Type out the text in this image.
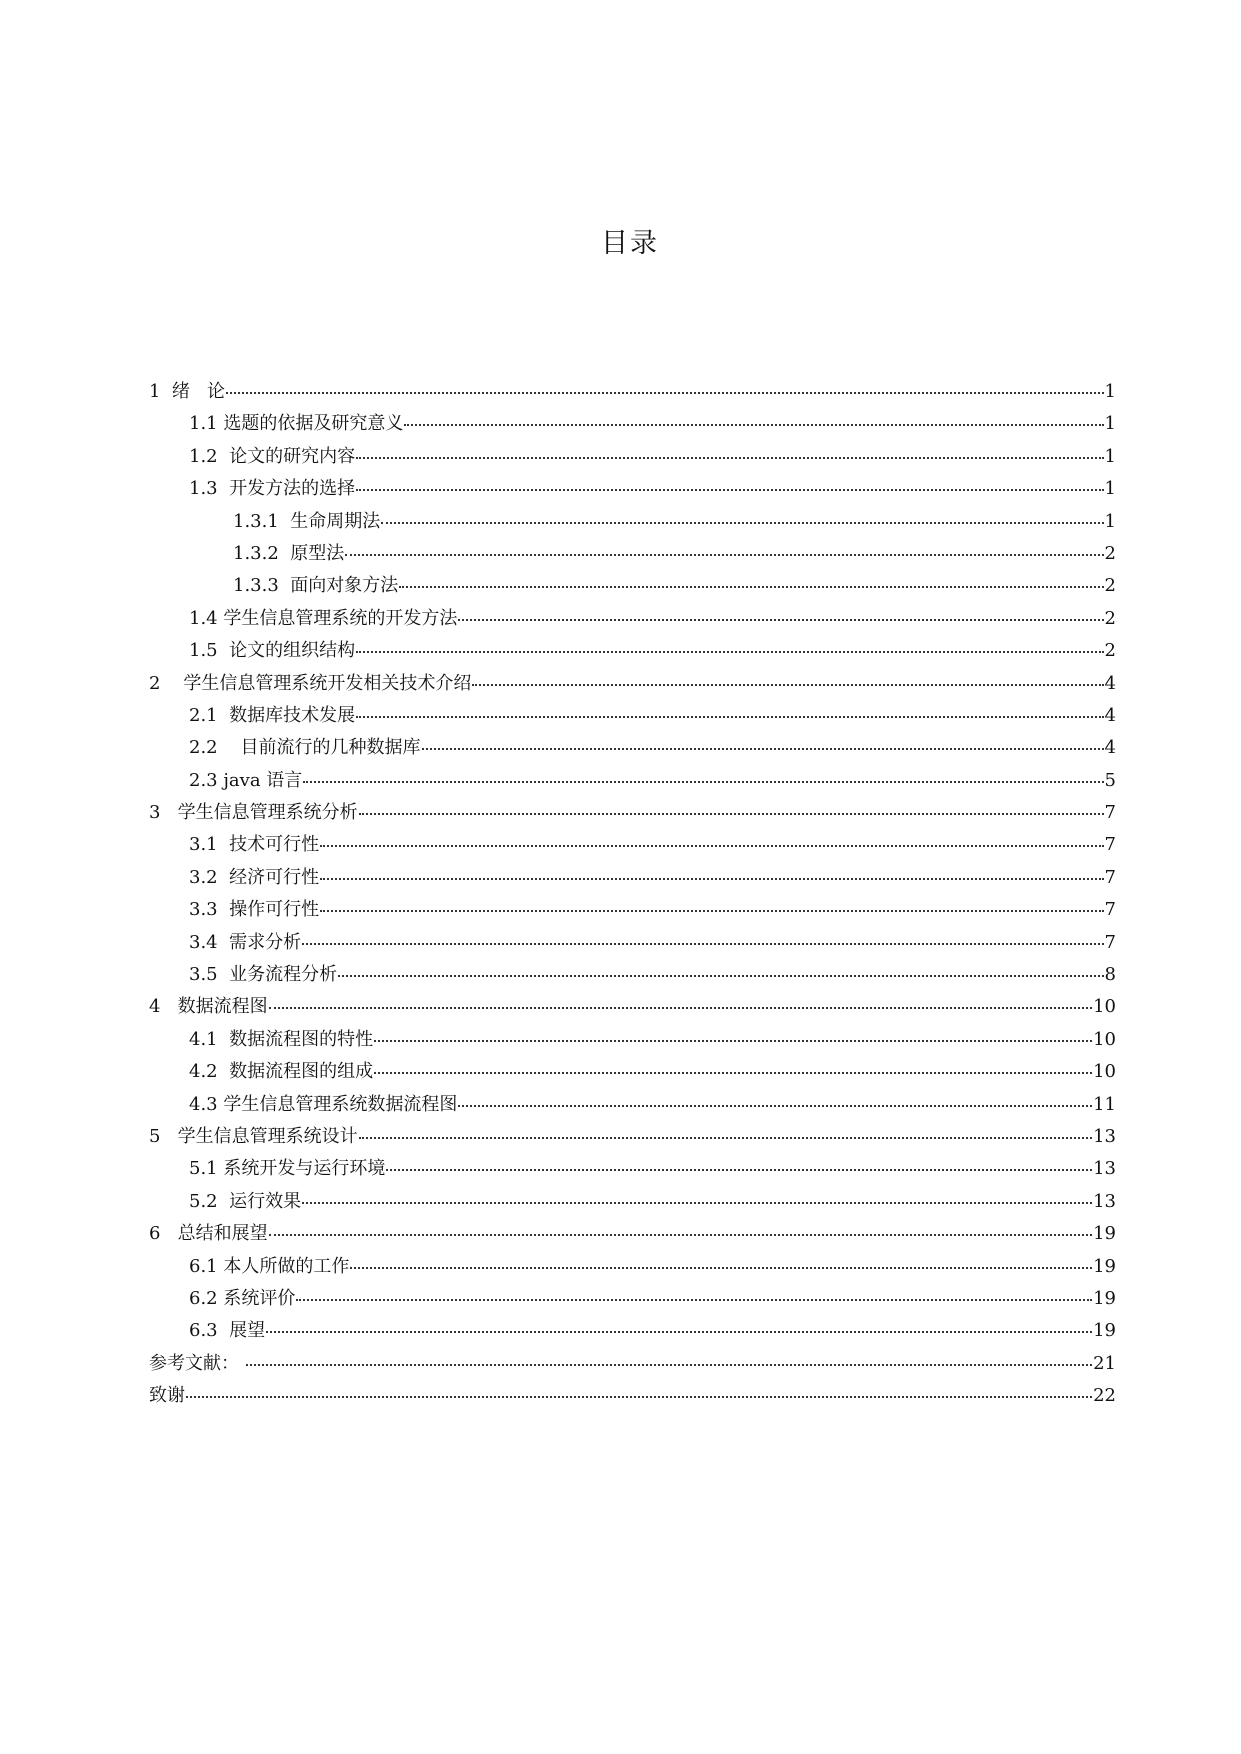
目录
1  绪   论	1
1.1 选题的依据及研究意义	1
1.2  论文的研究内容	1
1.3  开发方法的选择	1
1.3.1  生命周期法	1
1.3.2  原型法	2
1.3.3  面向对象方法	2
1.4 学生信息管理系统的开发方法	2
1.5  论文的组织结构	2
2    学生信息管理系统开发相关技术介绍	4
2.1  数据库技术发展	4
2.2    目前流行的几种数据库	4
2.3 java 语言	5
3   学生信息管理系统分析	7
3.1  技术可行性	7
3.2  经济可行性	7
3.3  操作可行性	7
3.4  需求分析	7
3.5  业务流程分析	8
4   数据流程图	10
4.1  数据流程图的特性	10
4.2  数据流程图的组成	10
4.3 学生信息管理系统数据流程图	11
5   学生信息管理系统设计	13
5.1 系统开发与运行环境	13
5.2  运行效果	13
6   总结和展望	19
6.1 本人所做的工作	19
6.2 系统评价	19
6.3  展望	19
参考文献：	21
致谢	22
